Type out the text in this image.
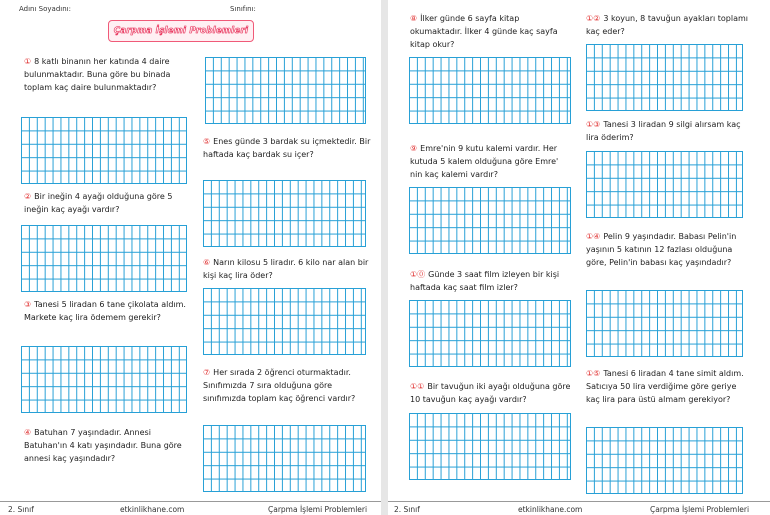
Adını Soyadını:	Sınıfını:
Çarpma İşlemi Problemleri
① 8 katlı binanın her katında 4 daire bulunmaktadır. Buna göre bu binada toplam kaç daire bulunmaktadır?
② Bir ineğin 4 ayağı olduğuna göre 5 ineğin kaç ayağı vardır?
③ Tanesi 5 liradan 6 tane çikolata aldım. Markete kaç lira ödemem gerekir?
④ Batuhan 7 yaşındadır. Annesi Batuhan'ın 4 katı yaşındadır. Buna göre annesi kaç yaşındadır?
⑤ Enes günde 3 bardak su içmektedir. Bir haftada kaç bardak su içer?
⑥ Narın kilosu 5 liradır. 6 kilo nar alan bir kişi kaç lira öder?
⑦ Her sırada 2 öğrenci oturmaktadır. Sınıfımızda 7 sıra olduğuna göre sınıfımızda toplam kaç öğrenci vardır?
2. Sınıf	etkinlikhane.com	Çarpma İşlemi Problemleri
⑧ İlker günde 6 sayfa kitap okumaktadır. İlker 4 günde kaç sayfa kitap okur?
⑨ Emre'nin 9 kutu kalemi vardır. Her kutuda 5 kalem olduğuna göre Emre' nin kaç kalemi vardır?
①⓪ Günde 3 saat film izleyen bir kişi haftada kaç saat film izler?
①① Bir tavuğun iki ayağı olduğuna göre 10 tavuğun kaç ayağı vardır?
①② 3 koyun, 8 tavuğun ayakları toplamı kaç eder?
①③ Tanesi 3 liradan 9 silgi alırsam kaç lira öderim?
①④ Pelin 9 yaşındadır. Babası Pelin'in yaşının 5 katının 12 fazlası olduğuna göre, Pelin'in babası kaç yaşındadır?
①⑤ Tanesi 6 liradan 4 tane simit aldım. Satıcıya 50 lira verdiğime göre geriye kaç lira para üstü almam gerekiyor?
2. Sınıf	etkinlikhane.com	Çarpma İşlemi Problemleri
